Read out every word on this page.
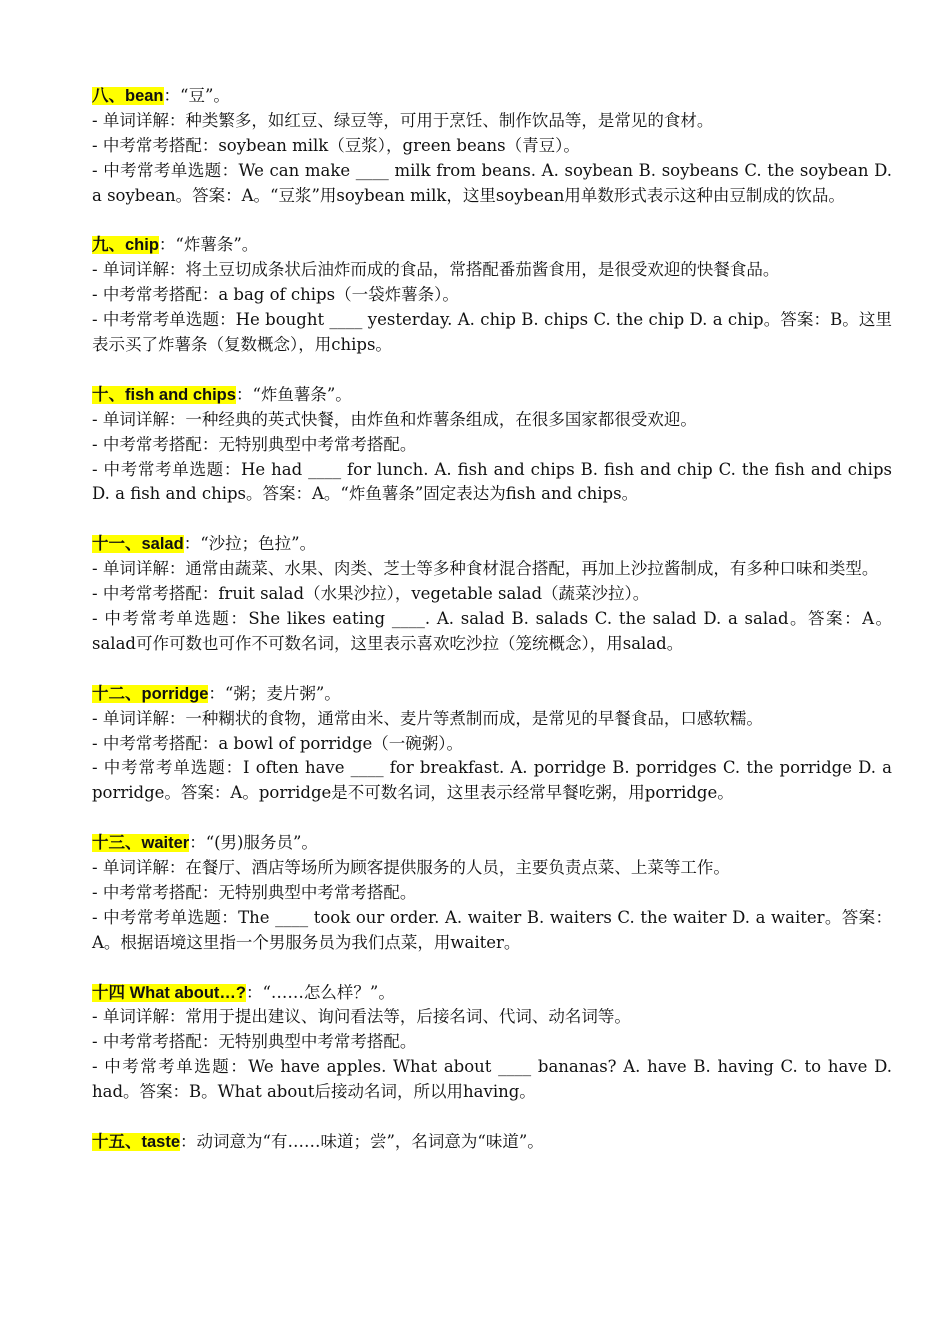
八、bean：“豆”。
- 单词详解：种类繁多，如红豆、绿豆等，可用于烹饪、制作饮品等，是常见的食材。
- 中考常考搭配：soybean milk（豆浆），green beans（青豆）。
- 中考常考单选题：We can make ____ milk from beans. A. soybean B. soybeans C. the soybean D. a soybean。答案：A。“豆浆”用soybean milk，这里soybean用单数形式表示这种由豆制成的饮品。
九、chip：“炸薯条”。
- 单词详解：将土豆切成条状后油炸而成的食品，常搭配番茄酱食用，是很受欢迎的快餐食品。
- 中考常考搭配：a bag of chips（一袋炸薯条）。
- 中考常考单选题：He bought ____ yesterday. A. chip B. chips C. the chip D. a chip。答案：B。这里表示买了炸薯条（复数概念），用chips。
十、fish and chips：“炸鱼薯条”。
- 单词详解：一种经典的英式快餐，由炸鱼和炸薯条组成，在很多国家都很受欢迎。
- 中考常考搭配：无特别典型中考常考搭配。
- 中考常考单选题：He had ____ for lunch. A. fish and chips B. fish and chip C. the fish and chips D. a fish and chips。答案：A。“炸鱼薯条”固定表达为fish and chips。
十一、salad：“沙拉；色拉”。
- 单词详解：通常由蔬菜、水果、肉类、芝士等多种食材混合搭配，再加上沙拉酱制成，有多种口味和类型。
- 中考常考搭配：fruit salad（水果沙拉），vegetable salad（蔬菜沙拉）。
- 中考常考单选题：She likes eating ____. A. salad B. salads C. the salad D. a salad。答案：A。salad可作可数也可作不可数名词，这里表示喜欢吃沙拉（笼统概念），用salad。
十二、porridge：“粥；麦片粥”。
- 单词详解：一种糊状的食物，通常由米、麦片等煮制而成，是常见的早餐食品，口感软糯。
- 中考常考搭配：a bowl of porridge（一碗粥）。
- 中考常考单选题：I often have ____ for breakfast. A. porridge B. porridges C. the porridge D. a porridge。答案：A。porridge是不可数名词，这里表示经常早餐吃粥，用porridge。
十三、waiter：“(男)服务员”。
- 单词详解：在餐厅、酒店等场所为顾客提供服务的人员，主要负责点菜、上菜等工作。
- 中考常考搭配：无特别典型中考常考搭配。
- 中考常考单选题：The ____ took our order. A. waiter B. waiters C. the waiter D. a waiter。答案：A。根据语境这里指一个男服务员为我们点菜，用waiter。
十四 What about…?：“……怎么样？”。
- 单词详解：常用于提出建议、询问看法等，后接名词、代词、动名词等。
- 中考常考搭配：无特别典型中考常考搭配。
- 中考常考单选题：We have apples. What about ____ bananas? A. have B. having C. to have D. had。答案：B。What about后接动名词，所以用having。
十五、taste：动词意为“有……味道；尝”，名词意为“味道”。
